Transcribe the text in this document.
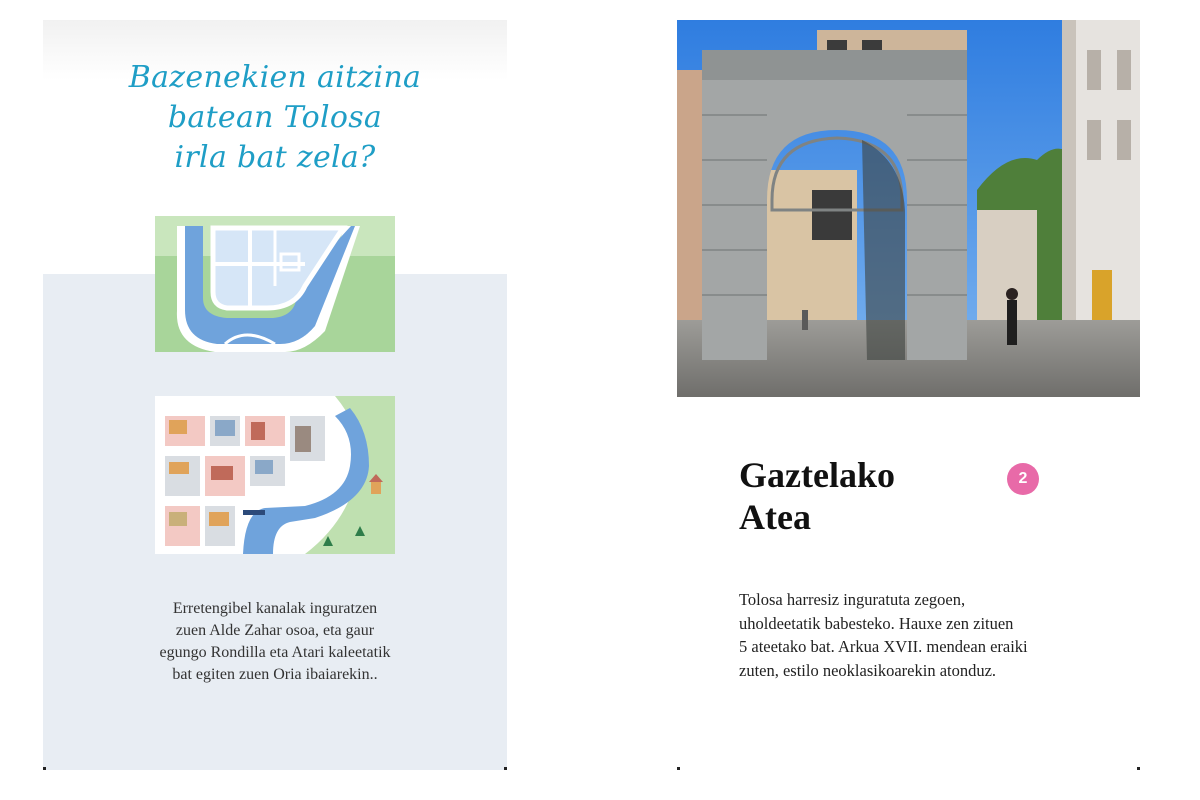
Bazenekien aitzina
batean Tolosa
irla bat zela?
Erretengibel kanalak inguratzen
zuen Alde Zahar osoa, eta gaur
egungo Rondilla eta Atari kaleetatik
bat egiten zuen Oria ibaiarekin..
Gaztelako
Atea
2
Tolosa harresiz inguratuta zegoen,
uholdeetatik babesteko. Hauxe zen zituen
5 ateetako bat. Arkua XVII. mendean eraiki
zuten, estilo neoklasikoarekin atonduz.
